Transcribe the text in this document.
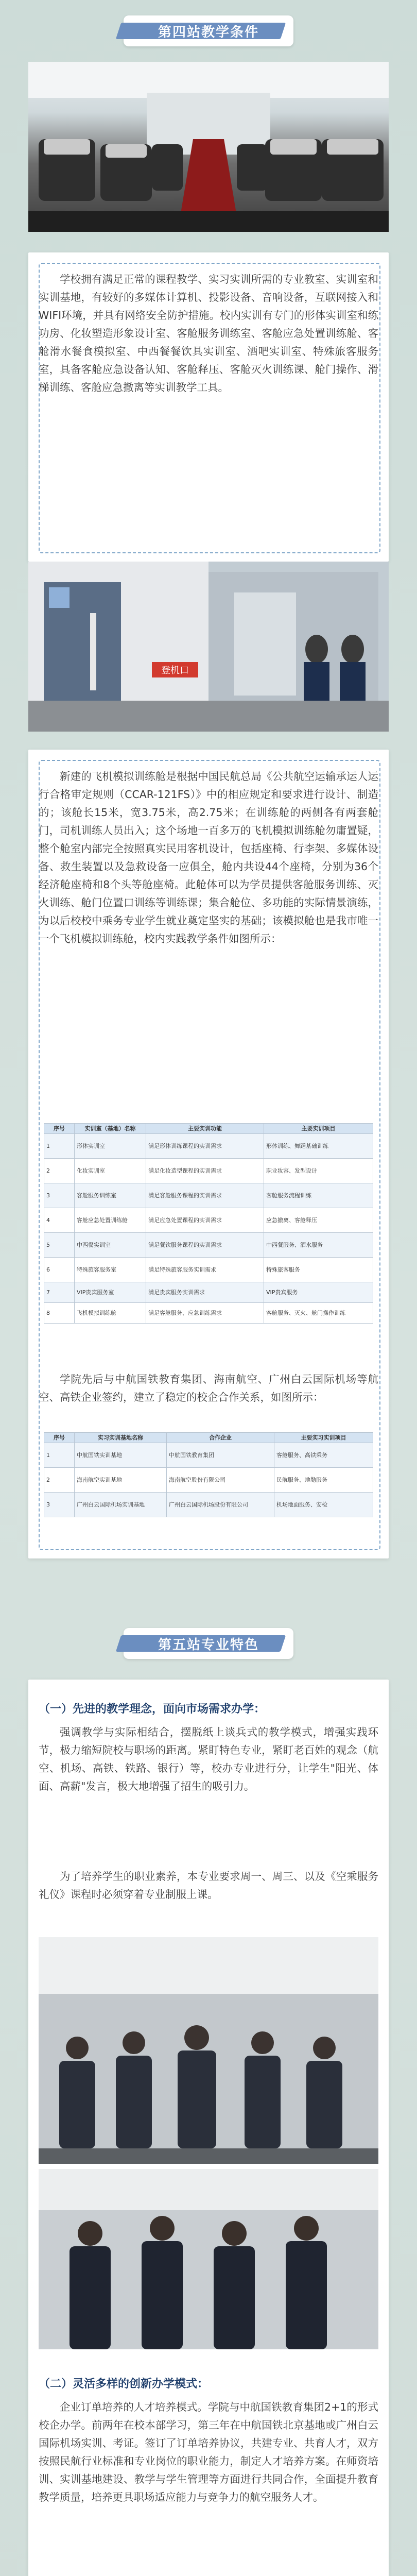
第四站教学条件

学校拥有满足正常的课程教学、实习实训所需的专业教室、实训室和实训基地，有较好的多媒体计算机、投影设备、音响设备，互联网接入和WIFI环境，并具有网络安全防护措施。校内实训有专门的形体实训室和练功房、化妆塑造形象设计室、客舱服务训练室、客舱应急处置训练舱、客舱滑水餐食模拟室、中西餐餐饮具实训室、酒吧实训室、特殊旅客服务室，具备客舱应急设备认知、客舱释压、客舱灭火训练课、舱门操作、滑梯训练、客舱应急撤离等实训教学工具。

登机口

新建的飞机模拟训练舱是根据中国民航总局《公共航空运输承运人运行合格审定规则（CCAR-121FS）》中的相应规定和要求进行设计、制造的；该舱长15米，宽3.75米，高2.75米；在训练舱的两侧各有两套舱门，司机训练人员出入；这个场地一百多万的飞机模拟训练舱勿庸置疑，整个舱室内部完全按照真实民用客机设计，包括座椅、行李架、多媒体设备、救生装置以及急救设备一应俱全，舱内共设44个座椅，分别为36个经济舱座椅和8个头等舱座椅。此舱体可以为学员提供客舱服务训练、灭火训练、舱门位置口训练等训练课；集合舱位、多功能的实际情景演练，为以后校校中乘务专业学生就业奠定坚实的基础；该模拟舱也是我市唯一一个飞机模拟训练舱，校内实践教学条件如图所示：

序号	实训室（基地）名称	主要实训功能	主要实训项目
1	形体实训室	满足形体训练课程的实训需求	形体训练、舞蹈基础训练
2	化妆实训室	满足化妆造型课程的实训需求	职业妆容、发型设计
3	客舱服务训练室	满足客舱服务课程的实训需求	客舱服务流程训练
4	客舱应急处置训练舱	满足应急处置课程的实训需求	应急撤离、客舱释压
5	中西餐实训室	满足餐饮服务课程的实训需求	中西餐服务、酒水服务
6	特殊旅客服务室	满足特殊旅客服务实训需求	特殊旅客服务
7	VIP贵宾服务室	满足贵宾服务实训需求	VIP贵宾服务
8	飞机模拟训练舱	满足客舱服务、应急训练需求	客舱服务、灭火、舱门操作训练

学院先后与中航国铁教育集团、海南航空、广州白云国际机场等航空、高铁企业签约，建立了稳定的校企合作关系，如图所示：

序号	实习实训基地名称	合作企业	主要实习实训项目
1	中航国铁实训基地	中航国铁教育集团	客舱服务、高铁乘务
2	海南航空实训基地	海南航空股份有限公司	民航服务、地勤服务
3	广州白云国际机场实训基地	广州白云国际机场股份有限公司	机场地面服务、安检
第五站专业特色
（一）先进的教学理念，面向市场需求办学：

强调教学与实际相结合，摆脱纸上谈兵式的教学模式，增强实践环节，极力缩短院校与职场的距离。紧盯特色专业，紧盯老百姓的观念（航空、机场、高铁、铁路、银行）等，校办专业进行分，让学生"阳光、体面、高薪"发言，极大地增强了招生的吸引力。

为了培养学生的职业素养，本专业要求周一、周三、以及《空乘服务礼仪》课程时必须穿着专业制服上课。

（二）灵活多样的创新办学模式：

企业订单培养的人才培养模式。学院与中航国铁教育集团2+1的形式校企办学。前两年在校本部学习，第三年在中航国铁北京基地或广州白云国际机场实训、考证。签订了订单培养协议，共建专业、共育人才，双方按照民航行业标准和专业岗位的职业能力，制定人才培养方案。在师资培训、实训基地建设、教学与学生管理等方面进行共同合作，全面提升教育教学质量，培养更具职场适应能力与竞争力的航空服务人才。
